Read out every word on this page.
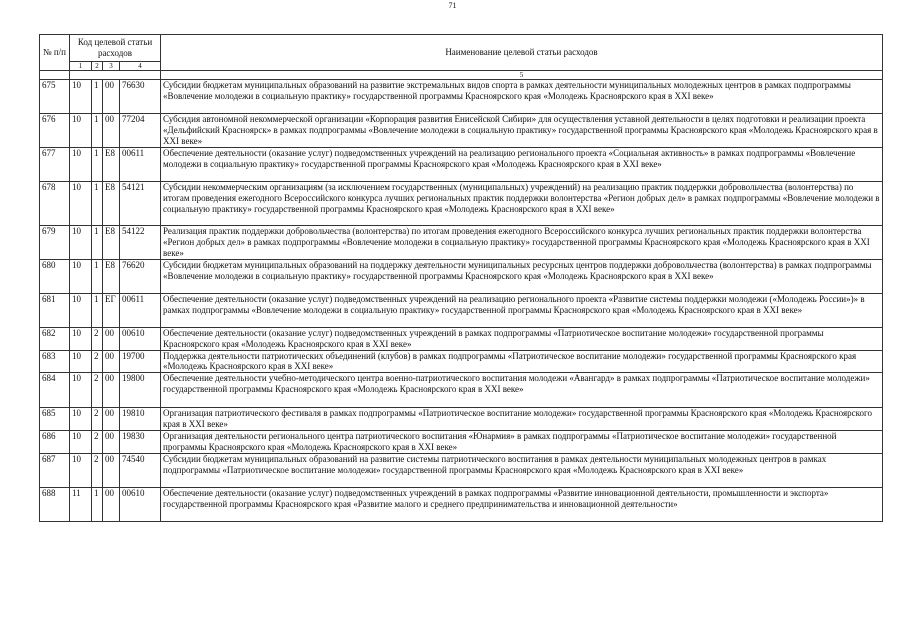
71
№ п/п	Код целевой статьи расходов				Наименование целевой статьи расходов
	1	2	3	4	
					5
675	10	1	00	76630	Субсидии бюджетам муниципальных образований на развитие экстремальных видов спорта в рамках деятельности муниципальных молодежных центров в рамках подпрограммы «Вовлечение молодежи в социальную практику» государственной программы Красноярского края «Молодежь Красноярского края в XXI веке»
676	10	1	00	77204	Субсидия автономной некоммерческой организации «Корпорация развития Енисейской Сибири» для осуществления уставной деятельности в целях подготовки и реализации проекта «Дельфийский Красноярск» в рамках подпрограммы «Вовлечение молодежи в социальную практику» государственной программы Красноярского края «Молодежь Красноярского края в XXI веке»
677	10	1	E8	00611	Обеспечение деятельности (оказание услуг) подведомственных учреждений на реализацию регионального проекта «Социальная активность» в рамках подпрограммы «Вовлечение молодежи в социальную практику» государственной программы Красноярского края «Молодежь Красноярского края в XXI веке»
678	10	1	E8	54121	Субсидии некоммерческим организациям (за исключением государственных (муниципальных) учреждений) на реализацию практик поддержки добровольчества (волонтерства) по итогам проведения ежегодного Всероссийского конкурса лучших региональных практик поддержки волонтерства «Регион добрых дел» в рамках подпрограммы «Вовлечение молодежи в социальную практику» государственной программы Красноярского края «Молодежь Красноярского края в XXI веке»
679	10	1	E8	54122	Реализация практик поддержки добровольчества (волонтерства) по итогам проведения ежегодного Всероссийского конкурса лучших региональных практик поддержки волонтерства «Регион добрых дел» в рамках подпрограммы «Вовлечение молодежи в социальную практику» государственной программы Красноярского края «Молодежь Красноярского края в XXI веке»
680	10	1	E8	76620	Субсидии бюджетам муниципальных образований на поддержку деятельности муниципальных ресурсных центров поддержки добровольчества (волонтерства) в рамках подпрограммы «Вовлечение молодежи в социальную практику» государственной программы Красноярского края «Молодежь Красноярского края в XXI веке»
681	10	1	EГ	00611	Обеспечение деятельности (оказание услуг) подведомственных учреждений на реализацию регионального проекта «Развитие системы поддержки молодежи («Молодежь России»)» в рамках подпрограммы «Вовлечение молодежи в социальную практику» государственной программы Красноярского края «Молодежь Красноярского края в XXI веке»
682	10	2	00	00610	Обеспечение деятельности (оказание услуг) подведомственных учреждений в рамках подпрограммы «Патриотическое воспитание молодежи» государственной программы Красноярского края «Молодежь Красноярского края в XXI веке»
683	10	2	00	19700	Поддержка деятельности патриотических объединений (клубов) в рамках подпрограммы «Патриотическое воспитание молодежи» государственной программы Красноярского края «Молодежь Красноярского края в XXI веке»
684	10	2	00	19800	Обеспечение деятельности учебно-методического центра военно-патриотического воспитания молодежи «Авангард» в рамках подпрограммы «Патриотическое воспитание молодежи» государственной программы Красноярского края «Молодежь Красноярского края в XXI веке»
685	10	2	00	19810	Организация патриотического фестиваля в рамках подпрограммы «Патриотическое воспитание молодежи» государственной программы Красноярского края «Молодежь Красноярского края в XXI веке»
686	10	2	00	19830	Организация деятельности регионального центра патриотического воспитания «Юнармия» в рамках подпрограммы «Патриотическое воспитание молодежи» государственной программы Красноярского края «Молодежь Красноярского края в XXI веке»
687	10	2	00	74540	Субсидии бюджетам муниципальных образований на развитие системы патриотического воспитания в рамках деятельности муниципальных молодежных центров в рамках подпрограммы «Патриотическое воспитание молодежи» государственной программы Красноярского края «Молодежь Красноярского края в XXI веке»
688	11	1	00	00610	Обеспечение деятельности (оказание услуг) подведомственных учреждений в рамках подпрограммы «Развитие инновационной деятельности, промышленности и экспорта» государственной программы Красноярского края «Развитие малого и среднего предпринимательства и инновационной деятельности»
